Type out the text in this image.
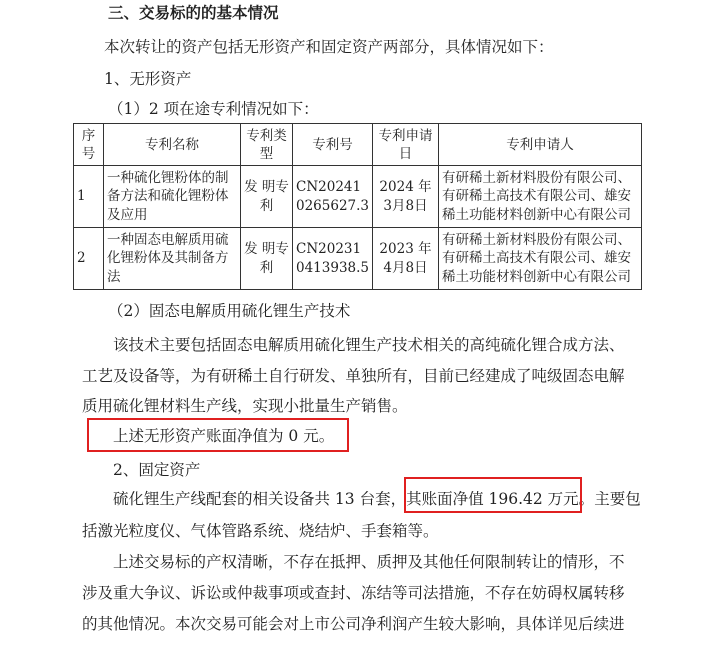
三、交易标的的基本情况
本次转让的资产包括无形资产和固定资产两部分，具体情况如下：
1、无形资产
（1）2 项在途专利情况如下：
序号	专利名称	专利类型	专利号	专利申请日	专利申请人
1	一种硫化锂粉体的制备方法和硫化锂粉体及应用	发 明专利	CN202410265627.3	2024 年3月8日	有研稀土新材料股份有限公司、有研稀土高技术有限公司、雄安稀土功能材料创新中心有限公司
2	一种固态电解质用硫化锂粉体及其制备方法	发 明专利	CN202310413938.5	2023 年4月8日	有研稀土新材料股份有限公司、有研稀土高技术有限公司、雄安稀土功能材料创新中心有限公司
（2）固态电解质用硫化锂生产技术
该技术主要包括固态电解质用硫化锂生产技术相关的高纯硫化锂合成方法、
工艺及设备等，为有研稀土自行研发、单独所有，目前已经建成了吨级固态电解
质用硫化锂材料生产线，实现小批量生产销售。
上述无形资产账面净值为 0 元。
2、固定资产
硫化锂生产线配套的相关设备共 13 台套，其账面净值 196.42 万元。主要包
括激光粒度仪、气体管路系统、烧结炉、手套箱等。
上述交易标的产权清晰，不存在抵押、质押及其他任何限制转让的情形，不
涉及重大争议、诉讼或仲裁事项或查封、冻结等司法措施，不存在妨碍权属转移
的其他情况。本次交易可能会对上市公司净利润产生较大影响，具体详见后续进
